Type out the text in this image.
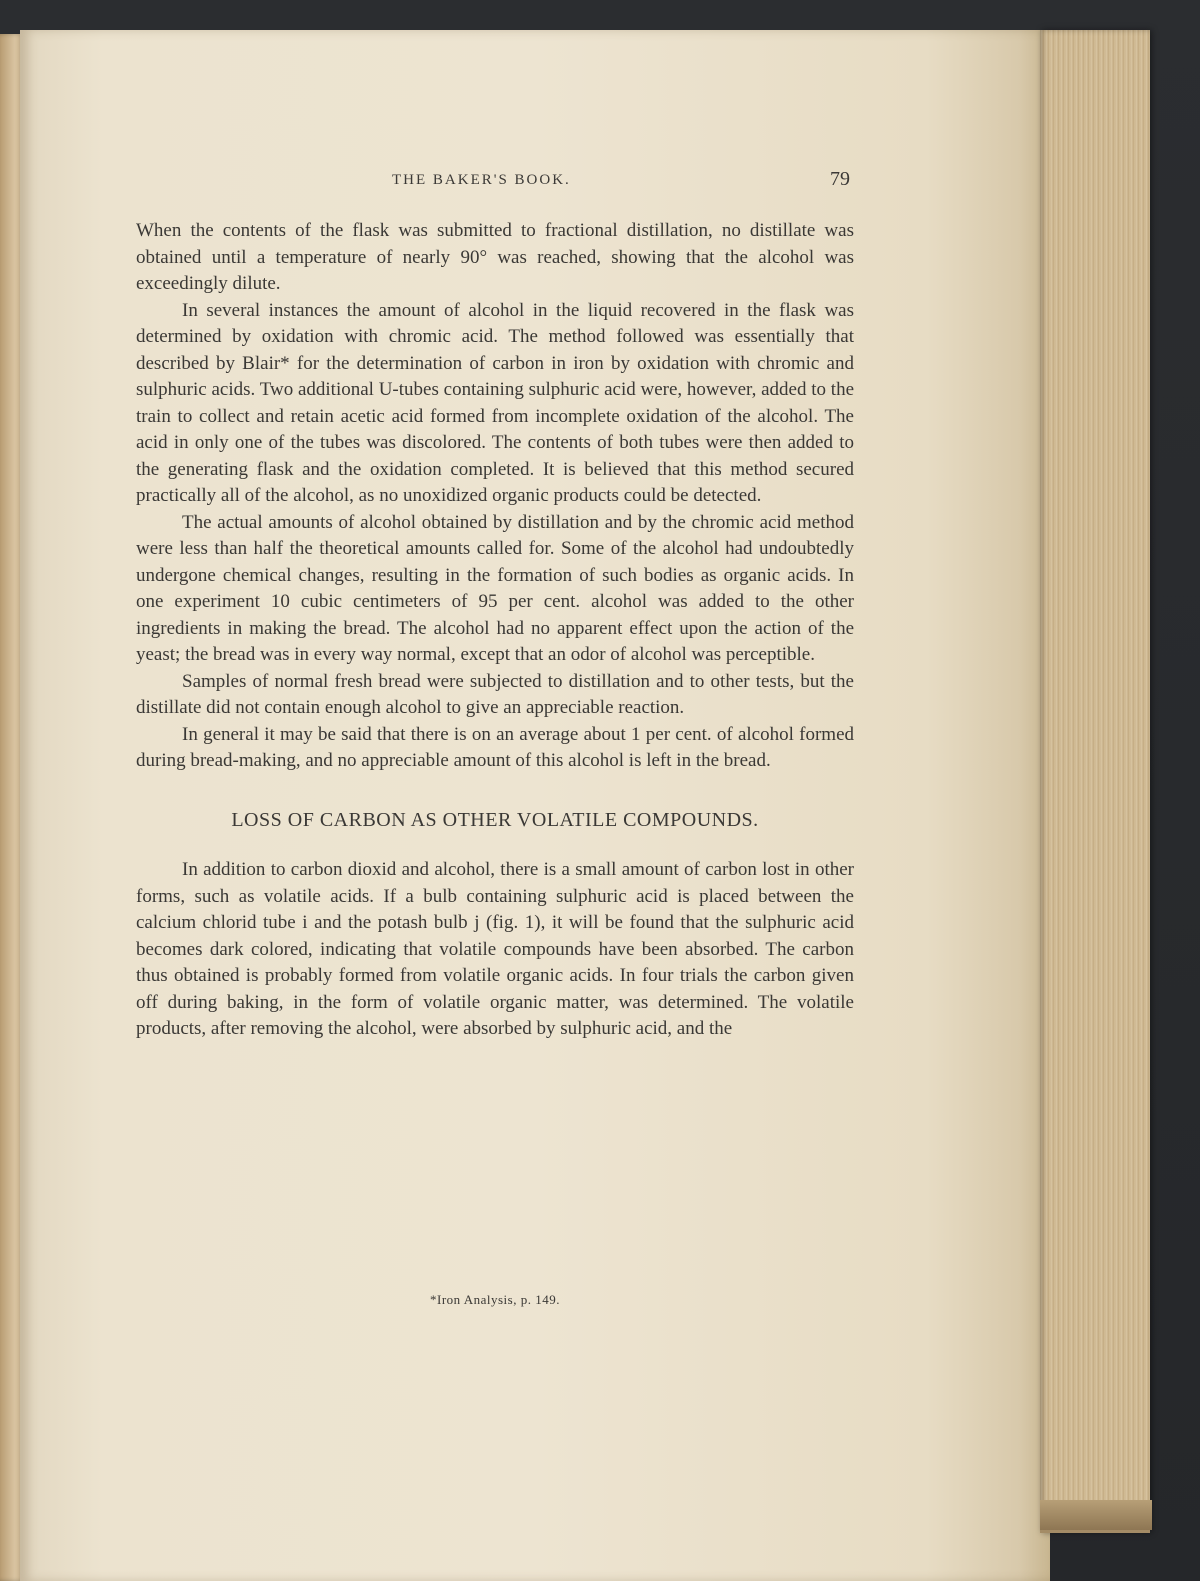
THE BAKER'S BOOK.	79

When the contents of the flask was submitted to fractional distillation, no distillate was obtained until a temperature of nearly 90° was reached, showing that the alcohol was exceedingly dilute.

In several instances the amount of alcohol in the liquid recovered in the flask was determined by oxidation with chromic acid. The method followed was essentially that described by Blair* for the determination of carbon in iron by oxidation with chromic and sulphuric acids. Two additional U-tubes containing sulphuric acid were, however, added to the train to collect and retain acetic acid formed from incomplete oxidation of the alcohol. The acid in only one of the tubes was discolored. The contents of both tubes were then added to the generating flask and the oxidation completed. It is believed that this method secured practically all of the alcohol, as no unoxidized organic products could be detected.

The actual amounts of alcohol obtained by distillation and by the chromic acid method were less than half the theoretical amounts called for. Some of the alcohol had undoubtedly undergone chemical changes, resulting in the formation of such bodies as organic acids. In one experiment 10 cubic centimeters of 95 per cent. alcohol was added to the other ingredients in making the bread. The alcohol had no apparent effect upon the action of the yeast; the bread was in every way normal, except that an odor of alcohol was perceptible.

Samples of normal fresh bread were subjected to distillation and to other tests, but the distillate did not contain enough alcohol to give an appreciable reaction.

In general it may be said that there is on an average about 1 per cent. of alcohol formed during bread-making, and no appreciable amount of this alcohol is left in the bread.

LOSS OF CARBON AS OTHER VOLATILE COMPOUNDS.

In addition to carbon dioxid and alcohol, there is a small amount of carbon lost in other forms, such as volatile acids. If a bulb containing sulphuric acid is placed between the calcium chlorid tube i and the potash bulb j (fig. 1), it will be found that the sulphuric acid becomes dark colored, indicating that volatile compounds have been absorbed. The carbon thus obtained is probably formed from volatile organic acids. In four trials the carbon given off during baking, in the form of volatile organic matter, was determined. The volatile products, after removing the alcohol, were absorbed by sulphuric acid, and the

*Iron Analysis, p. 149.
